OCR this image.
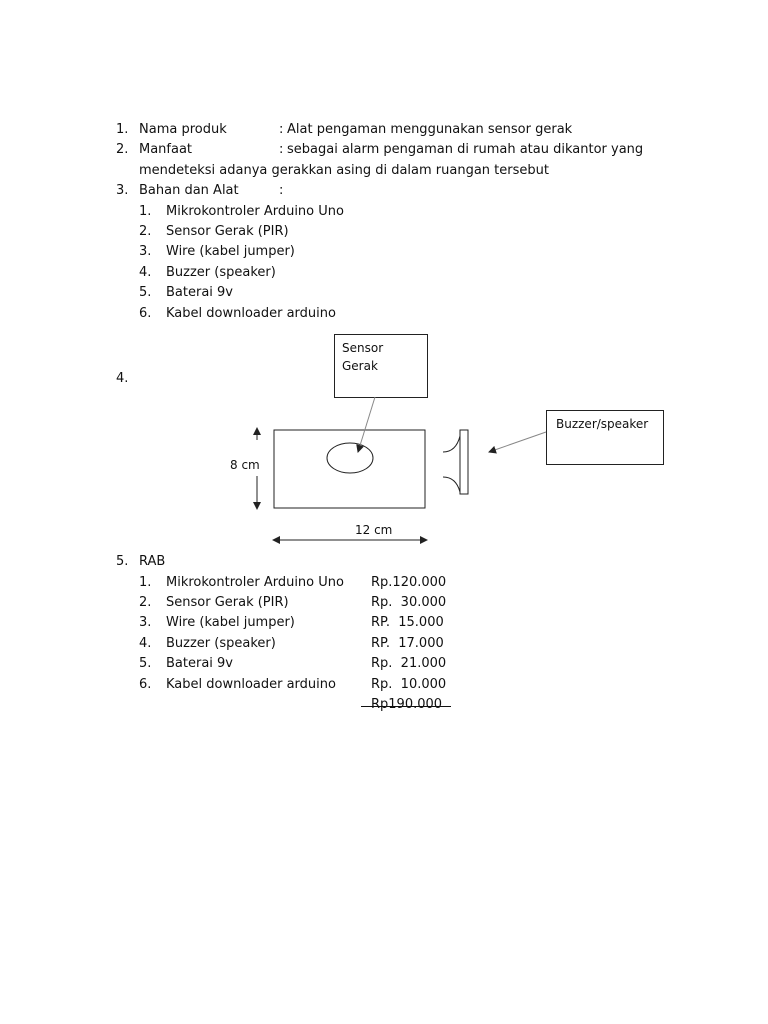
1. Nama produk	: Alat pengaman menggunakan sensor gerak
2. Manfaat	: sebagai alarm pengaman di rumah atau dikantor yang
mendeteksi adanya gerakkan asing di dalam ruangan tersebut
3. Bahan dan Alat	:
1. Mikrokontroler Arduino Uno
2. Sensor Gerak (PIR)
3. Wire (kabel jumper)
4. Buzzer (speaker)
5. Baterai 9v
6. Kabel downloader arduino
4.
Sensor
Gerak
Buzzer/speaker
8 cm
12 cm
5. RAB
1. Mikrokontroler Arduino Uno Rp.120.000
2. Sensor Gerak (PIR)	Rp.  30.000
3. Wire (kabel jumper)	RP.  15.000
4. Buzzer (speaker)	RP.  17.000
5. Baterai 9v	Rp.  21.000
6. Kabel downloader arduino	Rp.  10.000
Rp190.000
